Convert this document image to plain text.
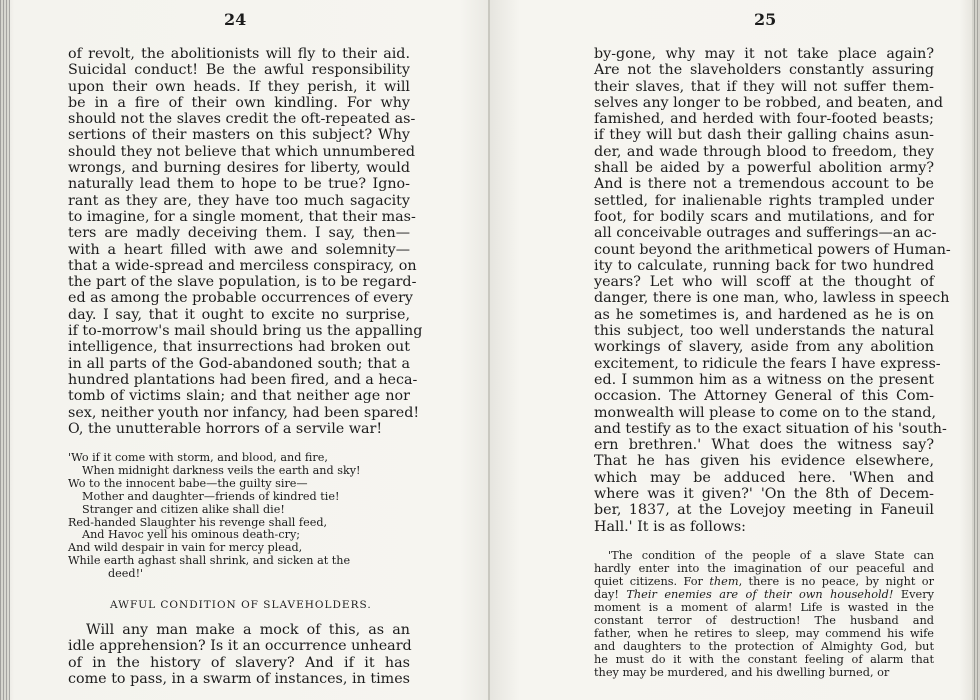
24
of revolt, the abolitionists will fly to their aid.
Suicidal conduct! Be the awful responsibility
upon their own heads. If they perish, it will
be in a fire of their own kindling. For why
should not the slaves credit the oft-repeated as-
sertions of their masters on this subject? Why
should they not believe that which unnumbered
wrongs, and burning desires for liberty, would
naturally lead them to hope to be true? Igno-
rant as they are, they have too much sagacity
to imagine, for a single moment, that their mas-
ters are madly deceiving them. I say, then—
with a heart filled with awe and solemnity—
that a wide-spread and merciless conspiracy, on
the part of the slave population, is to be regard-
ed as among the probable occurrences of every
day. I say, that it ought to excite no surprise,
if to-morrow's mail should bring us the appalling
intelligence, that insurrections had broken out
in all parts of the God-abandoned south; that a
hundred plantations had been fired, and a heca-
tomb of victims slain; and that neither age nor
sex, neither youth nor infancy, had been spared!
O, the unutterable horrors of a servile war!
'Wo if it come with storm, and blood, and fire,
When midnight darkness veils the earth and sky!
Wo to the innocent babe—the guilty sire—
Mother and daughter—friends of kindred tie!
Stranger and citizen alike shall die!
Red-handed Slaughter his revenge shall feed,
And Havoc yell his ominous death-cry;
And wild despair in vain for mercy plead,
While earth aghast shall shrink, and sicken at the
deed!'
AWFUL CONDITION OF SLAVEHOLDERS.
Will any man make a mock of this, as an
idle apprehension? Is it an occurrence unheard
of in the history of slavery? And if it has
come to pass, in a swarm of instances, in times
25
by-gone, why may it not take place again?
Are not the slaveholders constantly assuring
their slaves, that if they will not suffer them-
selves any longer to be robbed, and beaten, and
famished, and herded with four-footed beasts;
if they will but dash their galling chains asun-
der, and wade through blood to freedom, they
shall be aided by a powerful abolition army?
And is there not a tremendous account to be
settled, for inalienable rights trampled under
foot, for bodily scars and mutilations, and for
all conceivable outrages and sufferings—an ac-
count beyond the arithmetical powers of Human-
ity to calculate, running back for two hundred
years? Let who will scoff at the thought of
danger, there is one man, who, lawless in speech
as he sometimes is, and hardened as he is on
this subject, too well understands the natural
workings of slavery, aside from any abolition
excitement, to ridicule the fears I have express-
ed. I summon him as a witness on the present
occasion. The Attorney General of this Com-
monwealth will please to come on to the stand,
and testify as to the exact situation of his 'south-
ern brethren.' What does the witness say?
That he has given his evidence elsewhere,
which may be adduced here. 'When and
where was it given?' 'On the 8th of Decem-
ber, 1837, at the Lovejoy meeting in Faneuil
Hall.' It is as follows:
'The condition of the people of a slave State can
hardly enter into the imagination of our peaceful and
quiet citizens. For them, there is no peace, by night or
day! Their enemies are of their own household! Every
moment is a moment of alarm! Life is wasted in the
constant terror of destruction! The husband and
father, when he retires to sleep, may commend his wife
and daughters to the protection of Almighty God, but
he must do it with the constant feeling of alarm that
they may be murdered, and his dwelling burned, or
